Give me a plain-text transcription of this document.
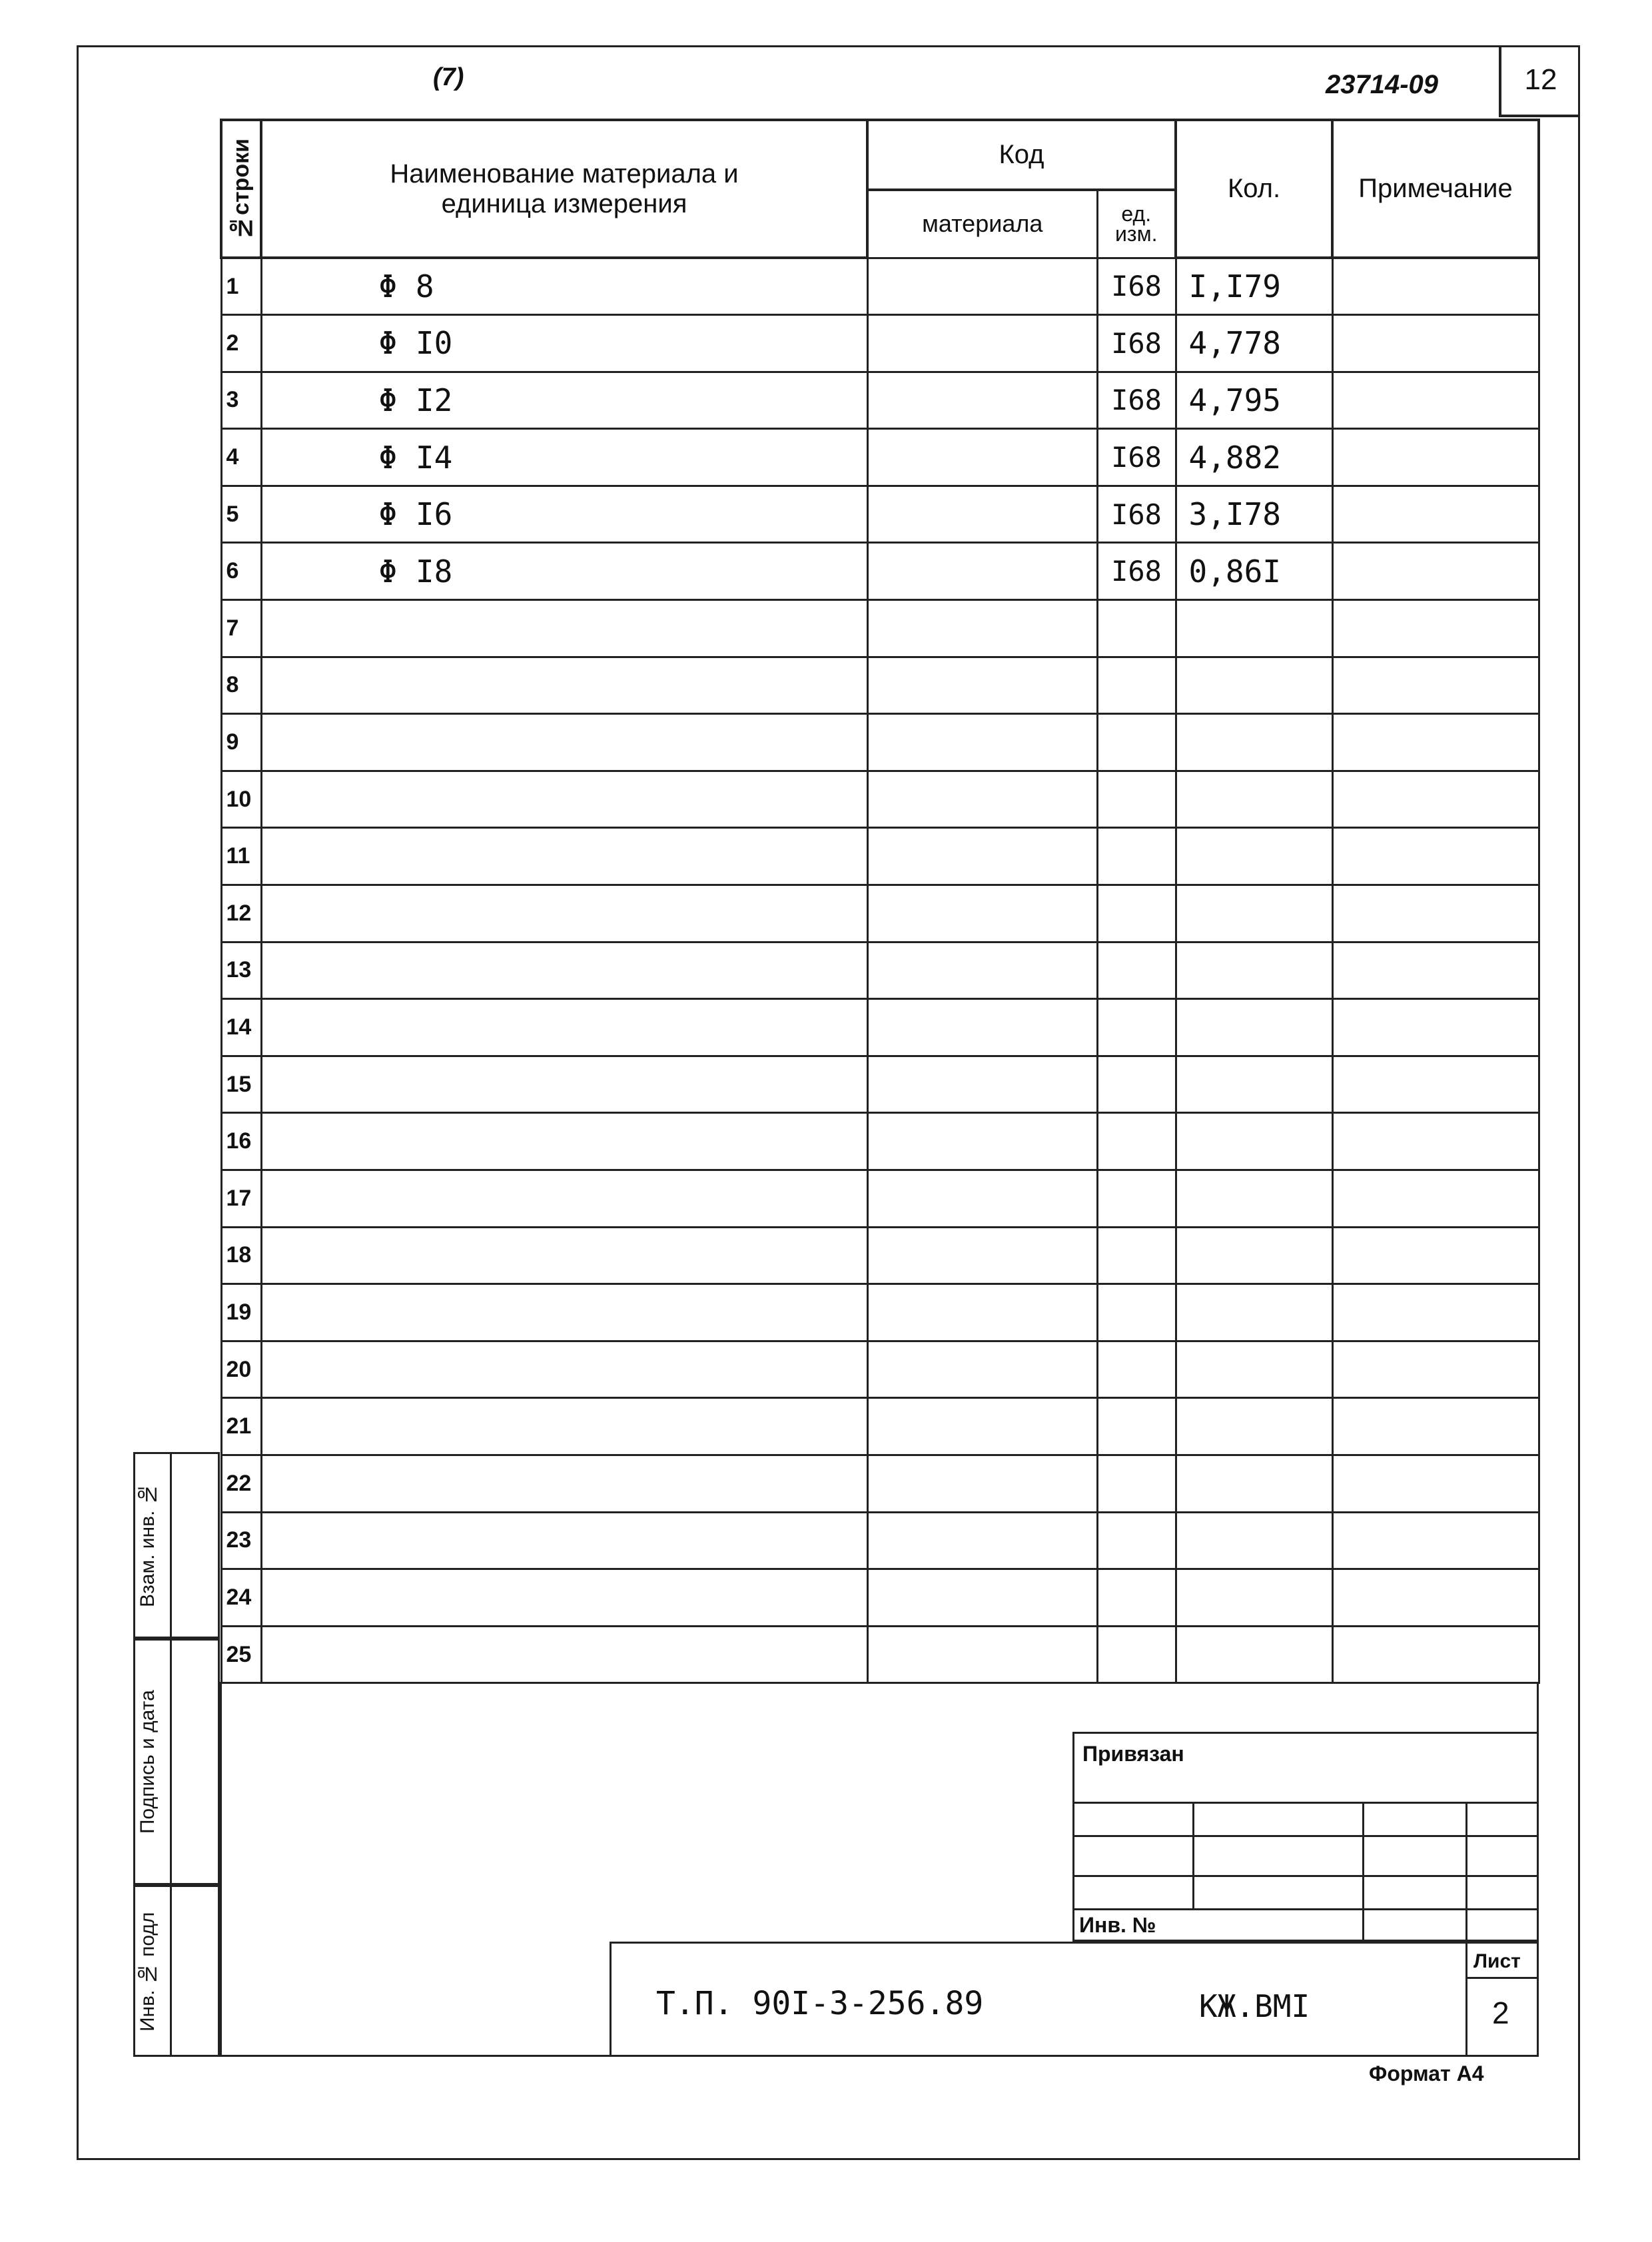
(7)	23714-09	12
№строки	Наименование материала и
единица измерения	Код		Кол.	Примечание
		материала	ед. изм.		
1	Φ 8		I68	I,I79	
2	Φ I0		I68	4,778	
3	Φ I2		I68	4,795	
4	Φ I4		I68	4,882	
5	Φ I6		I68	3,I78	
6	Φ I8		I68	0,86I	
7					
8					
9					
10					
11					
12					
13					
14					
15					
16					
17					
18					
19					
20					
21					
22					
23					
24					
25					
Взам. инв. №
Подпись и дата
Инв. № подл
Привязан
Инв. №
Т.П. 90I-3-256.89	КЖ.ВМI
Лист
2
Формат А4
